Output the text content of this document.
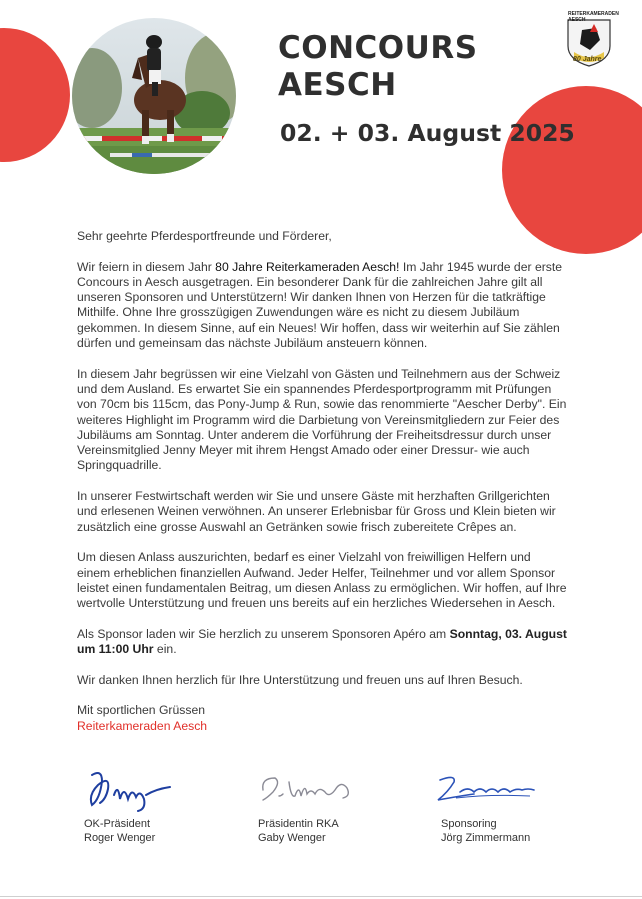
CONCOURS
AESCH
02. + 03. August 2025
REITERKAMERADEN
AESCH
80 Jahre

Sehr geehrte Pferdesportfreunde und Förderer,

Wir feiern in diesem Jahr 80 Jahre Reiterkameraden Aesch! Im Jahr 1945 wurde der erste Concours in Aesch ausgetragen. Ein besonderer Dank für die zahlreichen Jahre gilt all unseren Sponsoren und Unterstützern! Wir danken Ihnen von Herzen für die tatkräftige Mithilfe. Ohne Ihre grosszügigen Zuwendungen wäre es nicht zu diesem Jubiläum gekommen. In diesem Sinne, auf ein Neues! Wir hoffen, dass wir weiterhin auf Sie zählen dürfen und gemeinsam das nächste Jubiläum ansteuern können.

In diesem Jahr begrüssen wir eine Vielzahl von Gästen und Teilnehmern aus der Schweiz und dem Ausland. Es erwartet Sie ein spannendes Pferdesportprogramm mit Prüfungen von 70cm bis 115cm, das Pony-Jump & Run, sowie das renommierte "Aescher Derby". Ein weiteres Highlight im Programm wird die Darbietung von Vereinsmitgliedern zur Feier des Jubiläums am Sonntag. Unter anderem die Vorführung der Freiheitsdressur durch unser Vereinsmitglied Jenny Meyer mit ihrem Hengst Amado oder einer Dressur- wie auch Springquadrille.

In unserer Festwirtschaft werden wir Sie und unsere Gäste mit herzhaften Grillgerichten und erlesenen Weinen verwöhnen. An unserer Erlebnisbar für Gross und Klein bieten wir zusätzlich eine grosse Auswahl an Getränken sowie frisch zubereitete Crêpes an.

Um diesen Anlass auszurichten, bedarf es einer Vielzahl von freiwilligen Helfern und einem erheblichen finanziellen Aufwand. Jeder Helfer, Teilnehmer und vor allem Sponsor leistet einen fundamentalen Beitrag, um diesen Anlass zu ermöglichen. Wir hoffen, auf Ihre wertvolle Unterstützung und freuen uns bereits auf ein herzliches Wiedersehen in Aesch.

Als Sponsor laden wir Sie herzlich zu unserem Sponsoren Apéro am Sonntag, 03. August um 11:00 Uhr ein.

Wir danken Ihnen herzlich für Ihre Unterstützung und freuen uns auf Ihren Besuch.

Mit sportlichen Grüssen
Reiterkameraden Aesch
OK-Präsident
Roger Wenger
Präsidentin RKA
Gaby Wenger
Sponsoring
Jörg Zimmermann
